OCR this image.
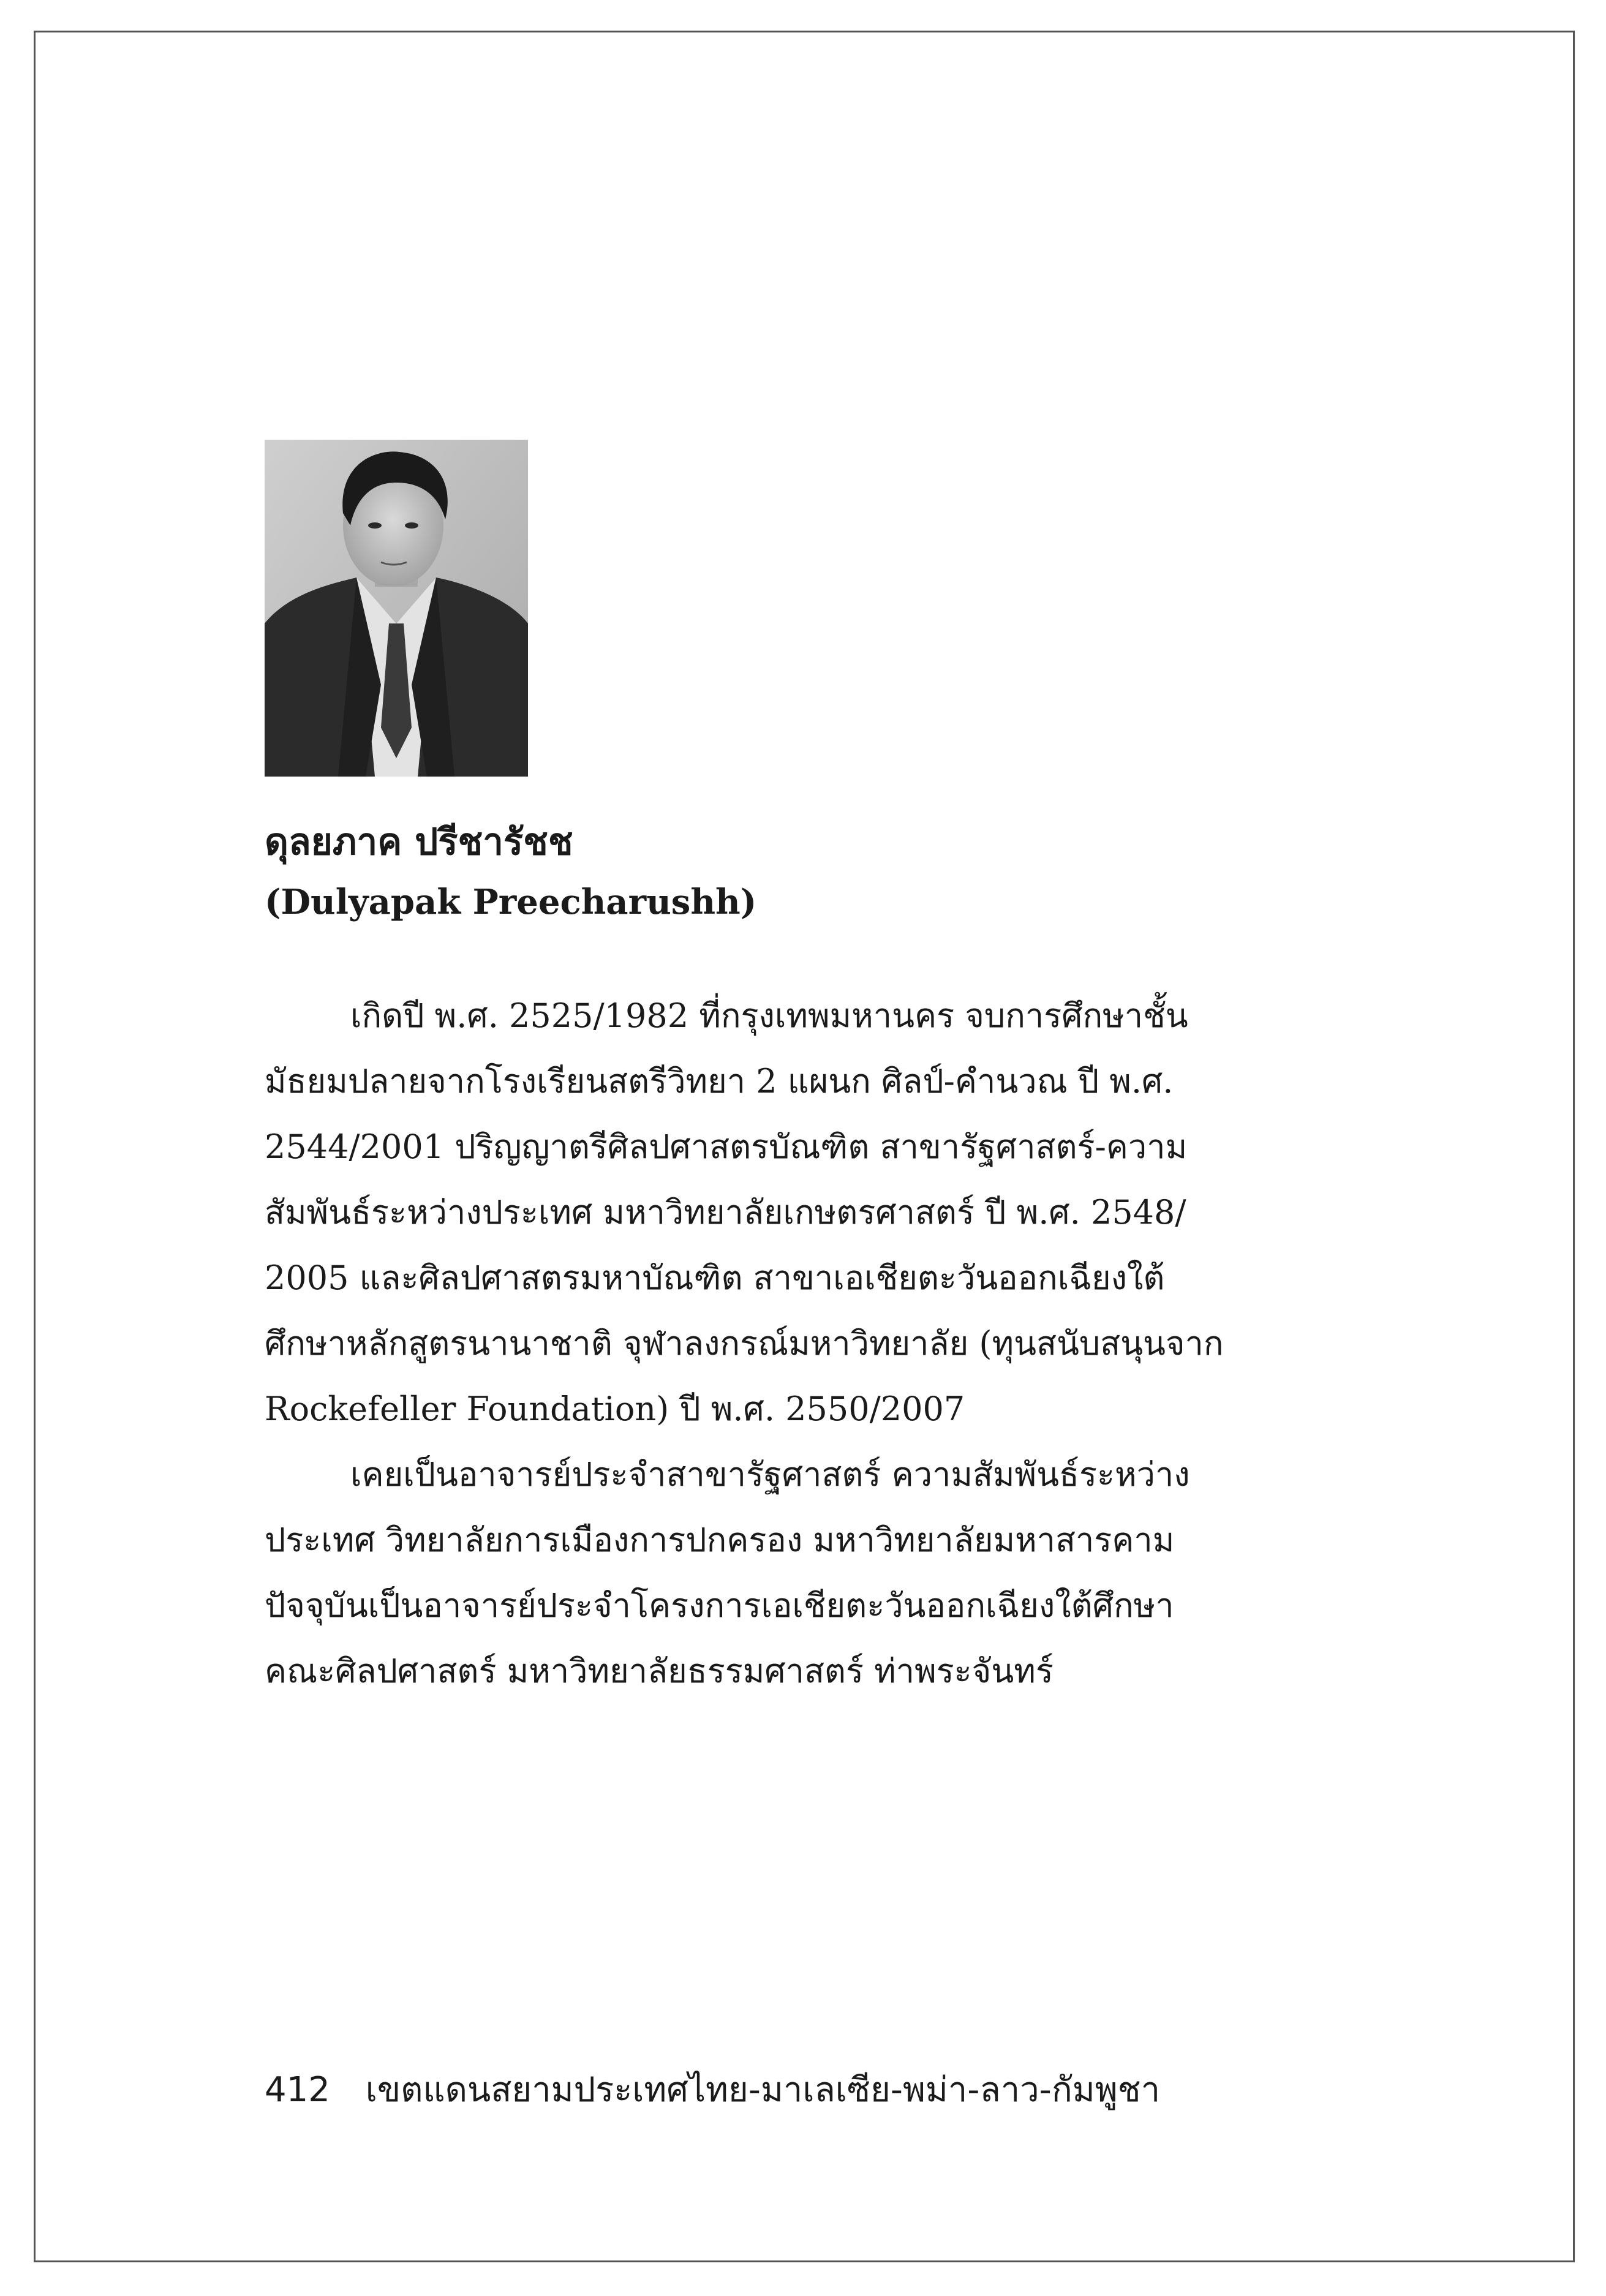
ดุลยภาค ปรีชารัชช
(Dulyapak Preecharushh)
เกิดปี พ.ศ. 2525/1982 ที่กรุงเทพมหานคร จบการศึกษาชั้น
มัธยมปลายจากโรงเรียนสตรีวิทยา 2 แผนก ศิลป์-คำนวณ ปี พ.ศ.
2544/2001 ปริญญาตรีศิลปศาสตรบัณฑิต สาขารัฐศาสตร์-ความ
สัมพันธ์ระหว่างประเทศ มหาวิทยาลัยเกษตรศาสตร์ ปี พ.ศ. 2548/
2005 และศิลปศาสตรมหาบัณฑิต สาขาเอเชียตะวันออกเฉียงใต้
ศึกษาหลักสูตรนานาชาติ จุฬาลงกรณ์มหาวิทยาลัย (ทุนสนับสนุนจาก
Rockefeller Foundation) ปี พ.ศ. 2550/2007
เคยเป็นอาจารย์ประจำสาขารัฐศาสตร์ ความสัมพันธ์ระหว่าง
ประเทศ วิทยาลัยการเมืองการปกครอง มหาวิทยาลัยมหาสารคาม
ปัจจุบันเป็นอาจารย์ประจำโครงการเอเชียตะวันออกเฉียงใต้ศึกษา
คณะศิลปศาสตร์ มหาวิทยาลัยธรรมศาสตร์ ท่าพระจันทร์
412 เขตแดนสยามประเทศไทย-มาเลเซีย-พม่า-ลาว-กัมพูชา
